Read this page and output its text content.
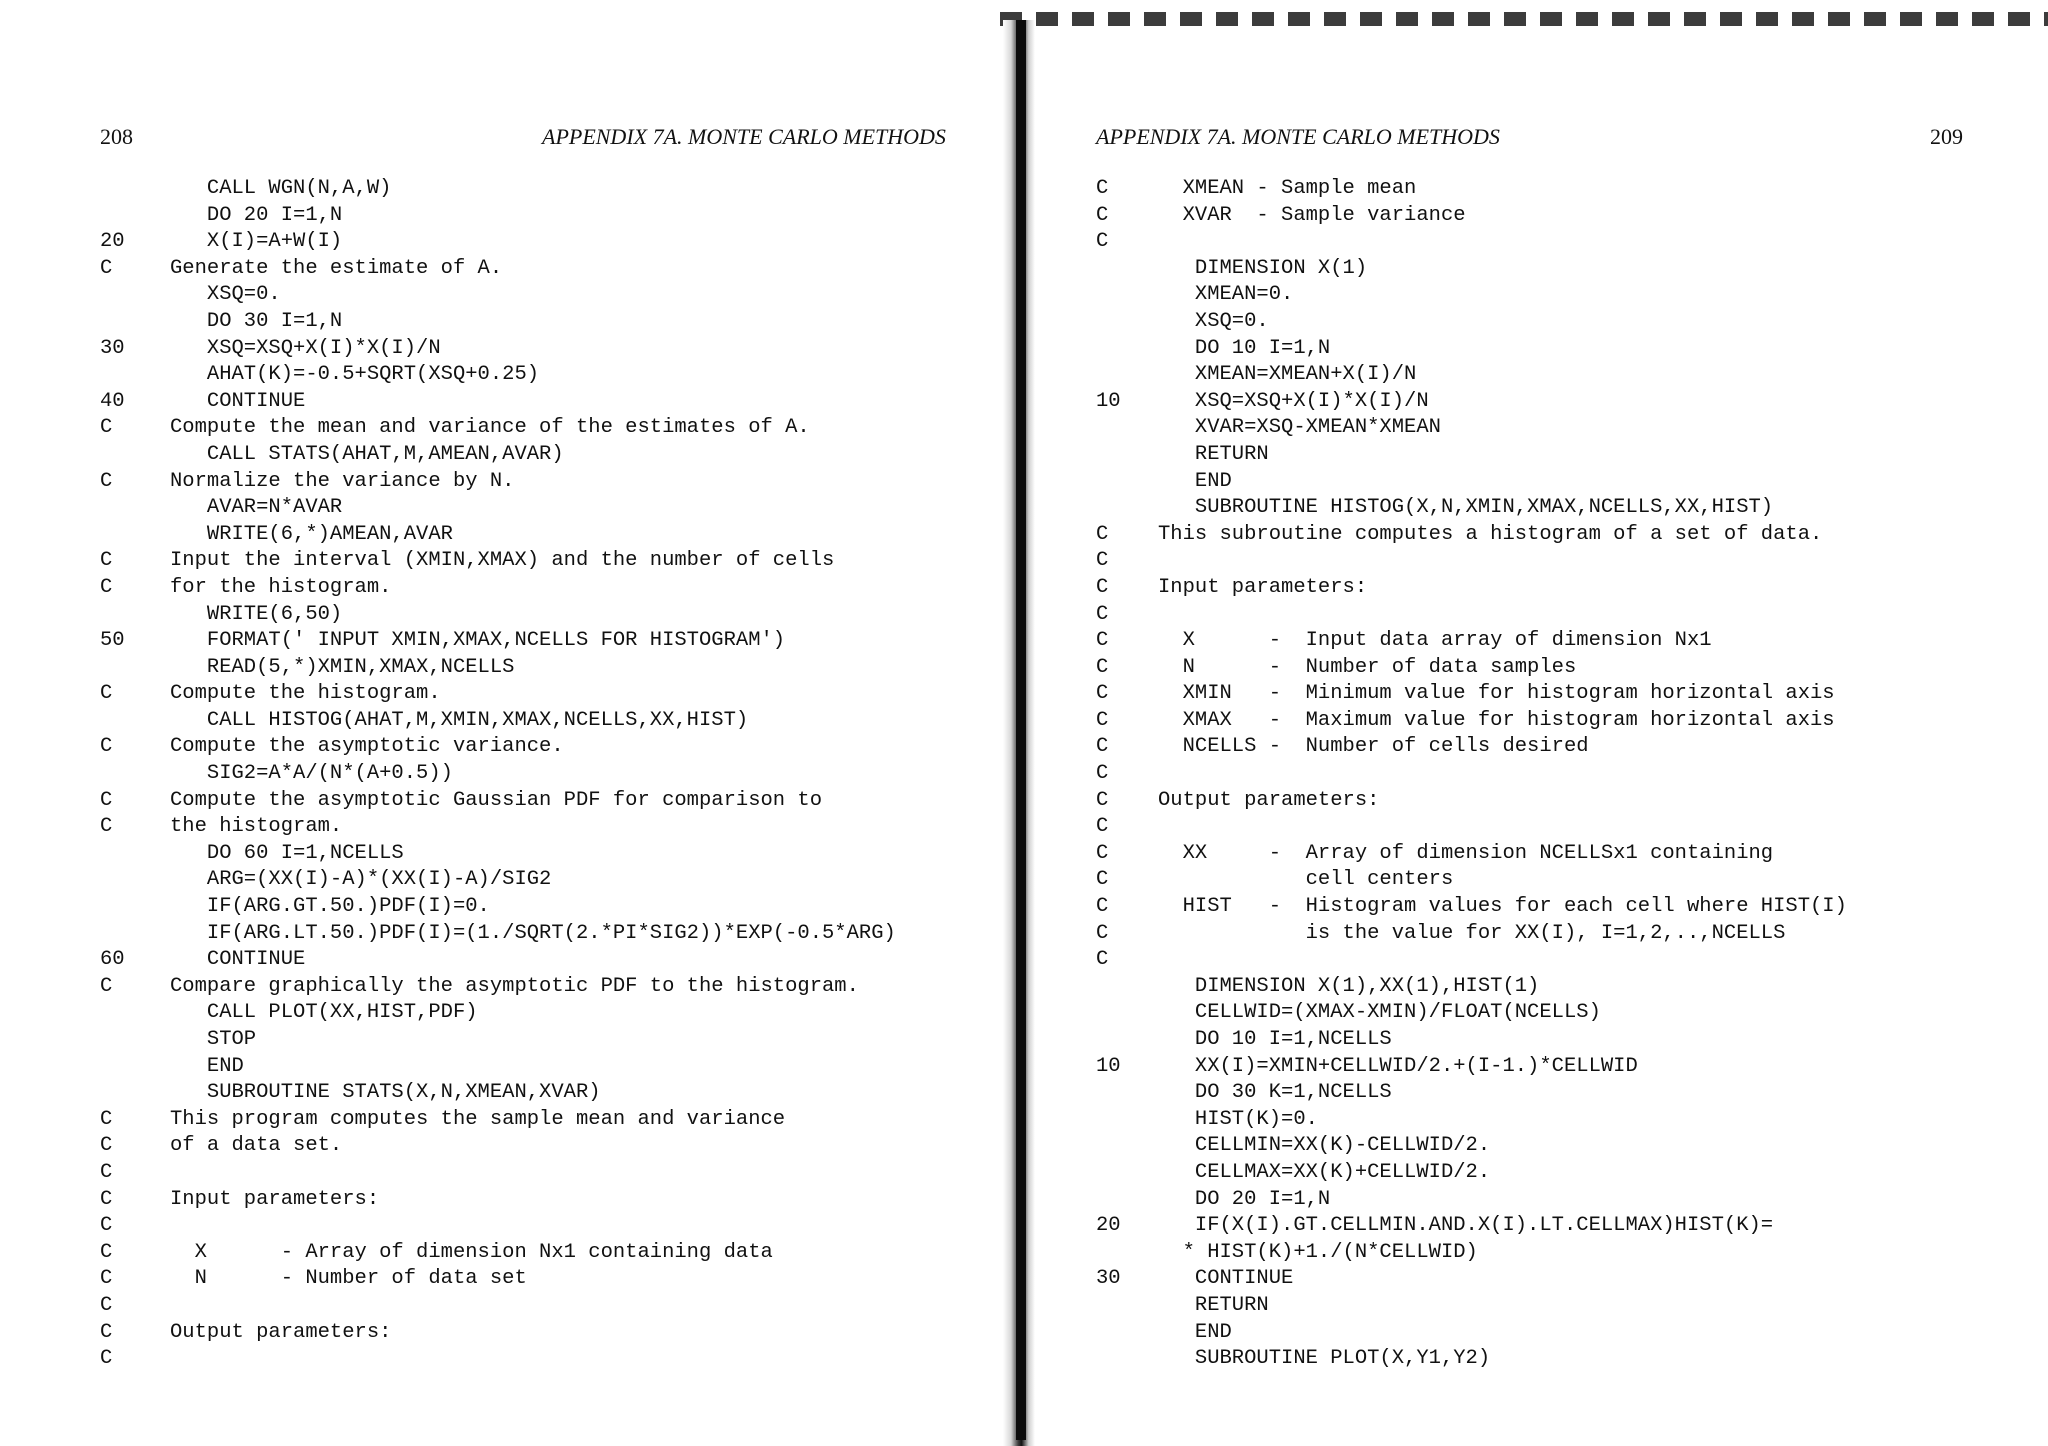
208	APPENDIX 7A. MONTE CARLO METHODS
CALL WGN(N,A,W)
DO 20 I=1,N
20	X(I)=A+W(I)
C	Generate the estimate of A.
XSQ=0.
DO 30 I=1,N
30	XSQ=XSQ+X(I)*X(I)/N
AHAT(K)=-0.5+SQRT(XSQ+0.25)
40	CONTINUE
C	Compute the mean and variance of the estimates of A.
CALL STATS(AHAT,M,AMEAN,AVAR)
C	Normalize the variance by N.
AVAR=N*AVAR
WRITE(6,*)AMEAN,AVAR
C	Input the interval (XMIN,XMAX) and the number of cells
C	for the histogram.
WRITE(6,50)
50	FORMAT(' INPUT XMIN,XMAX,NCELLS FOR HISTOGRAM')
READ(5,*)XMIN,XMAX,NCELLS
C	Compute the histogram.
CALL HISTOG(AHAT,M,XMIN,XMAX,NCELLS,XX,HIST)
C	Compute the asymptotic variance.
SIG2=A*A/(N*(A+0.5))
C	Compute the asymptotic Gaussian PDF for comparison to
C	the histogram.
DO 60 I=1,NCELLS
ARG=(XX(I)-A)*(XX(I)-A)/SIG2
IF(ARG.GT.50.)PDF(I)=0.
IF(ARG.LT.50.)PDF(I)=(1./SQRT(2.*PI*SIG2))*EXP(-0.5*ARG)
60	CONTINUE
C	Compare graphically the asymptotic PDF to the histogram.
CALL PLOT(XX,HIST,PDF)
STOP
END
SUBROUTINE STATS(X,N,XMEAN,XVAR)
C	This program computes the sample mean and variance
C	of a data set.
C
C	Input parameters:
C
C	X      - Array of dimension Nx1 containing data
C	N      - Number of data set
C
C	Output parameters:
C
APPENDIX 7A. MONTE CARLO METHODS	209
C	XMEAN - Sample mean
C	XVAR  - Sample variance
C
DIMENSION X(1)
XMEAN=0.
XSQ=0.
DO 10 I=1,N
XMEAN=XMEAN+X(I)/N
10	XSQ=XSQ+X(I)*X(I)/N
XVAR=XSQ-XMEAN*XMEAN
RETURN
END
SUBROUTINE HISTOG(X,N,XMIN,XMAX,NCELLS,XX,HIST)
C	This subroutine computes a histogram of a set of data.
C
C	Input parameters:
C
C	X      -  Input data array of dimension Nx1
C	N      -  Number of data samples
C	XMIN   -  Minimum value for histogram horizontal axis
C	XMAX   -  Maximum value for histogram horizontal axis
C	NCELLS -  Number of cells desired
C
C	Output parameters:
C
C	XX     -  Array of dimension NCELLSx1 containing
C	cell centers
C	HIST   -  Histogram values for each cell where HIST(I)
C	is the value for XX(I), I=1,2,..,NCELLS
C
DIMENSION X(1),XX(1),HIST(1)
CELLWID=(XMAX-XMIN)/FLOAT(NCELLS)
DO 10 I=1,NCELLS
10	XX(I)=XMIN+CELLWID/2.+(I-1.)*CELLWID
DO 30 K=1,NCELLS
HIST(K)=0.
CELLMIN=XX(K)-CELLWID/2.
CELLMAX=XX(K)+CELLWID/2.
DO 20 I=1,N
20	IF(X(I).GT.CELLMIN.AND.X(I).LT.CELLMAX)HIST(K)=
* HIST(K)+1./(N*CELLWID)
30	CONTINUE
RETURN
END
SUBROUTINE PLOT(X,Y1,Y2)
